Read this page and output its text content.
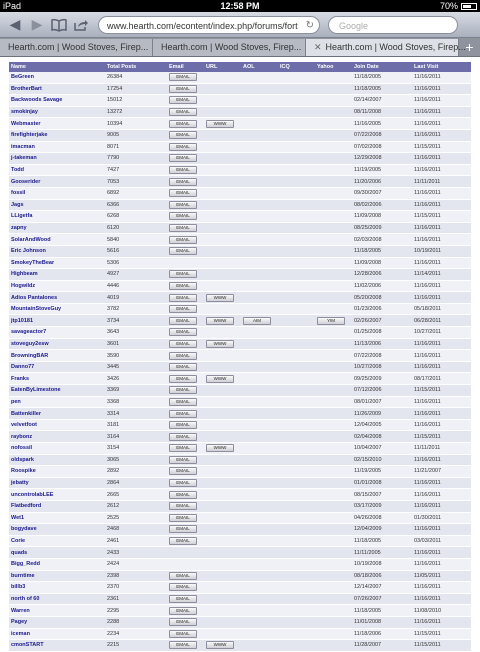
iPad	12:58 PM	70%
◀ ▶	www.hearth.com/econtent/index.php/forums/fort ↻	Google
Hearth.com | Wood Stoves, Firep...	Hearth.com | Wood Stoves, Firep...	✕ Hearth.com | Wood Stoves, Firep... +
Name	Total Posts	Email	URL	AOL	ICQ	Yahoo	Join Date	Last Visit
BeGreen	26384	EMAIL					11/18/2005	11/16/2011
BrotherBart	17254	EMAIL					11/18/2005	11/16/2011
Backwoods Savage	15012	EMAIL					02/14/2007	11/16/2011
smokinjay	13272	EMAIL					08/11/2008	11/16/2011
Webmaster	10394	EMAIL	WWW				11/16/2005	11/16/2011
firefighterjake	9005	EMAIL					07/22/2008	11/16/2011
imacman	8071	EMAIL					07/02/2008	11/15/2011
j-takeman	7790	EMAIL					12/29/2008	11/16/2011
Todd	7427	EMAIL					11/19/2005	11/16/2011
Gooserider	7053	EMAIL					11/20/2006	11/11/2011
fossil	6892	EMAIL					09/30/2007	11/16/2011
Jags	6366	EMAIL					08/02/2006	11/16/2011
LLigetfa	6268	EMAIL					11/09/2008	11/15/2011
zapny	6120	EMAIL					08/25/2009	11/16/2011
SolarAndWood	5840	EMAIL					02/03/2008	11/16/2011
Eric Johnson	5616	EMAIL					11/18/2005	10/19/2011
SmokeyTheBear	5306						11/09/2008	11/16/2011
Highbeam	4927	EMAIL					12/28/2006	11/14/2011
Hogwildz	4446	EMAIL					11/02/2006	11/16/2011
Adios Pantalones	4019	EMAIL	WWW				05/20/2008	11/16/2011
MountainStoveGuy	3782	EMAIL					01/23/2006	05/18/2011
jtp10181	3734	EMAIL	WWW	AIM		YIM	02/26/2007	06/28/2011
savageactor7	3643	EMAIL					01/25/2008	10/27/2011
stoveguy2esw	3601	EMAIL	WWW				11/13/2006	11/16/2011
BrowningBAR	3590	EMAIL					07/22/2008	11/16/2011
Danno77	3445	EMAIL					10/27/2008	11/16/2011
Franks	3426	EMAIL	WWW				09/25/2009	08/17/2011
EatenByLimestone	3369	EMAIL					07/12/2006	11/15/2011
pen	3368	EMAIL					08/01/2007	11/16/2011
Battenkiller	3314	EMAIL					11/26/2009	11/16/2011
velvetfoot	3181	EMAIL					12/04/2005	11/16/2011
raybonz	3164	EMAIL					02/04/2008	11/15/2011
nofossil	3154	EMAIL	WWW				10/04/2007	11/11/2011
oldspark	3065	EMAIL					02/15/2010	11/16/2011
Roospike	2892	EMAIL					11/19/2005	11/21/2007
jebatty	2864	EMAIL					01/01/2008	11/16/2011
uncontrolabLEE	2665	EMAIL					08/15/2007	11/16/2011
Flatbedford	2612	EMAIL					03/17/2009	11/16/2011
Wet1	2525	EMAIL					04/26/2008	01/30/2011
bogydave	2468	EMAIL					12/04/2009	11/16/2011
Corie	2461	EMAIL					11/18/2005	03/03/2011
quads	2433						11/11/2005	11/16/2011
Bigg_Redd	2424						10/19/2008	11/16/2011
burntime	2398	EMAIL					08/18/2006	11/05/2011
billb3	2370	EMAIL					12/14/2007	11/16/2011
north of 60	2361	EMAIL					07/26/2007	11/16/2011
Warren	2295	EMAIL					11/18/2005	11/08/2010
Pagey	2288	EMAIL					11/01/2008	11/16/2011
iceman	2234	EMAIL					11/18/2006	11/15/2011
cmonSTART	2215	EMAIL	WWW				11/28/2007	11/15/2011
